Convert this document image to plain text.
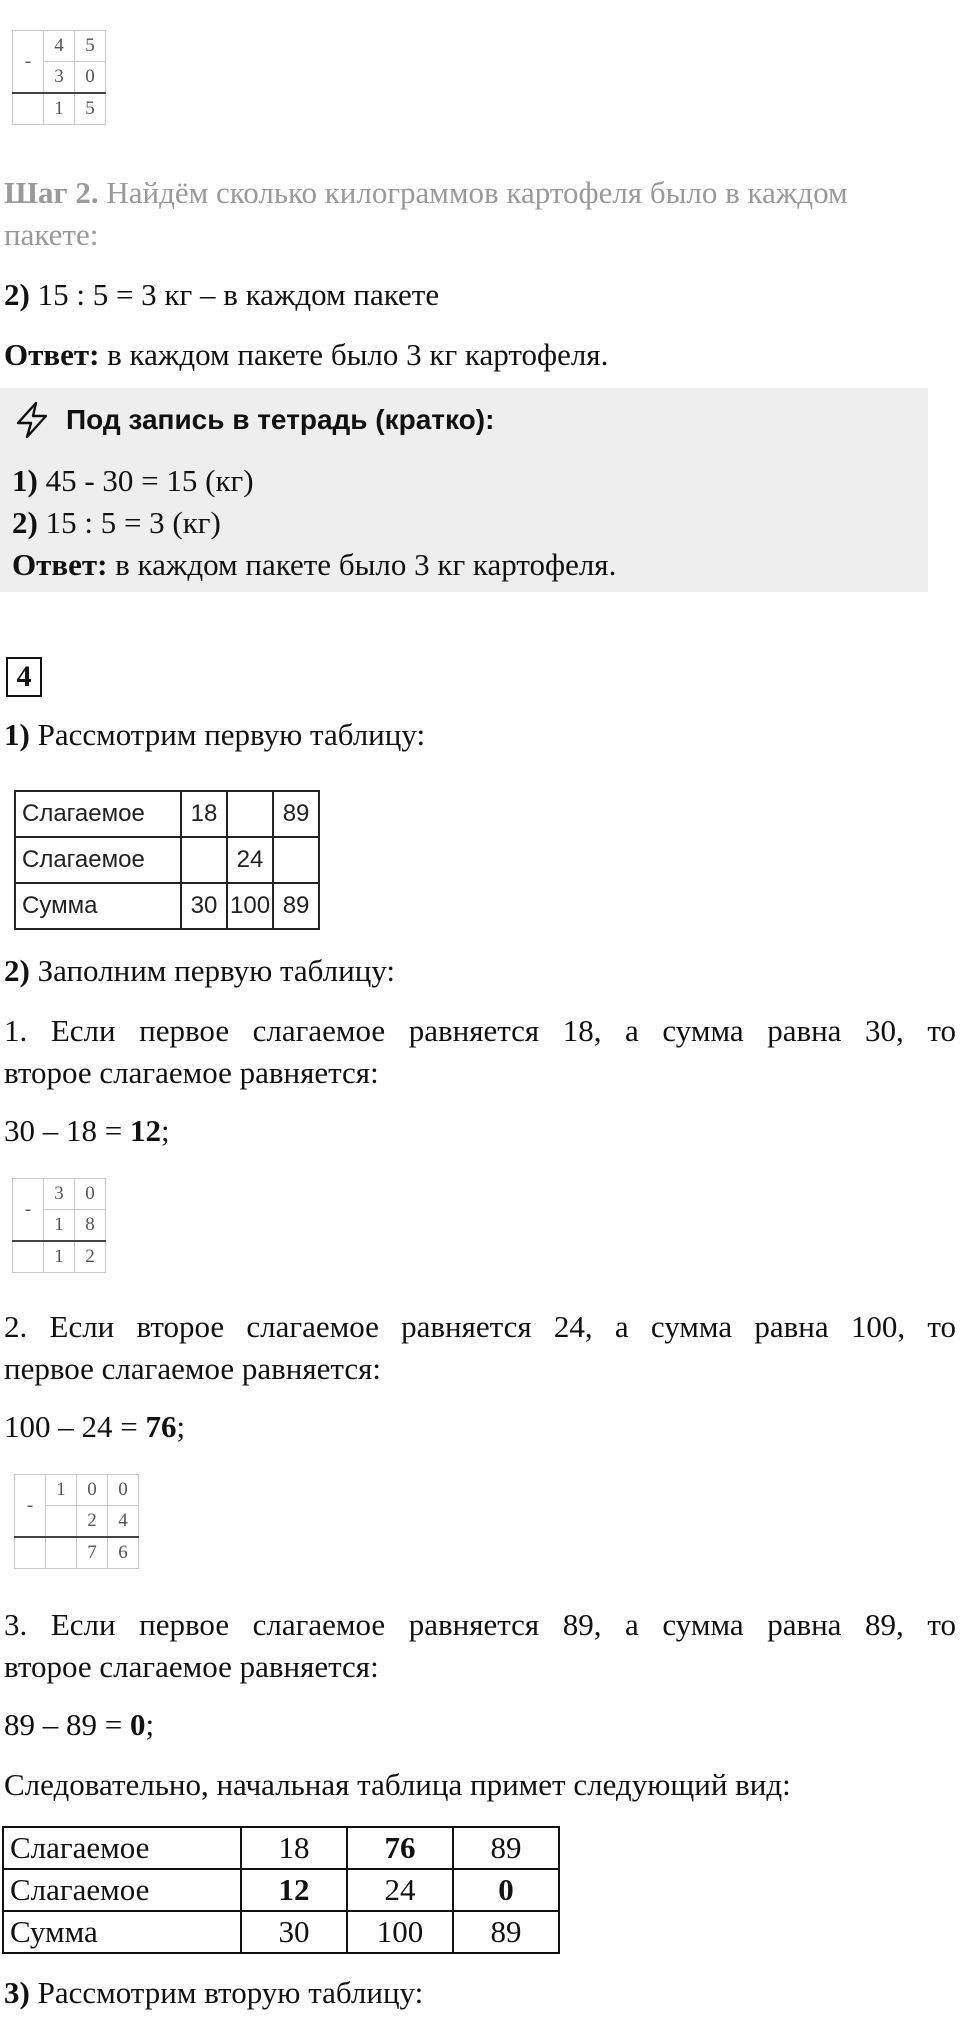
-	4	5
	3	0
	1	5
Шаг 2. Найдём сколько килограммов картофеля было в каждом
пакете:
2) 15 : 5 = 3 кг – в каждом пакете
Ответ: в каждом пакете было 3 кг картофеля.
Под запись в тетрадь (кратко):
1) 45 - 30 = 15 (кг)
2) 15 : 5 = 3 (кг)
Ответ: в каждом пакете было 3 кг картофеля.
4
1) Рассмотрим первую таблицу:
Слагаемое	18		89
Слагаемое		24	
Сумма	30	100	89
2) Заполним первую таблицу:
1. Если первое слагаемое равняется 18, а сумма равна 30, то
второе слагаемое равняется:
30 – 18 = 12;
-	3	0
	1	8
	1	2
2. Если второе слагаемое равняется 24, а сумма равна 100, то
первое слагаемое равняется:
100 – 24 = 76;
-	1	0	0
		2	4
		7	6
3. Если первое слагаемое равняется 89, а сумма равна 89, то
второе слагаемое равняется:
89 – 89 = 0;
Следовательно, начальная таблица примет следующий вид:
Слагаемое	18	76	89
Слагаемое	12	24	0
Сумма	30	100	89
3) Рассмотрим вторую таблицу:
